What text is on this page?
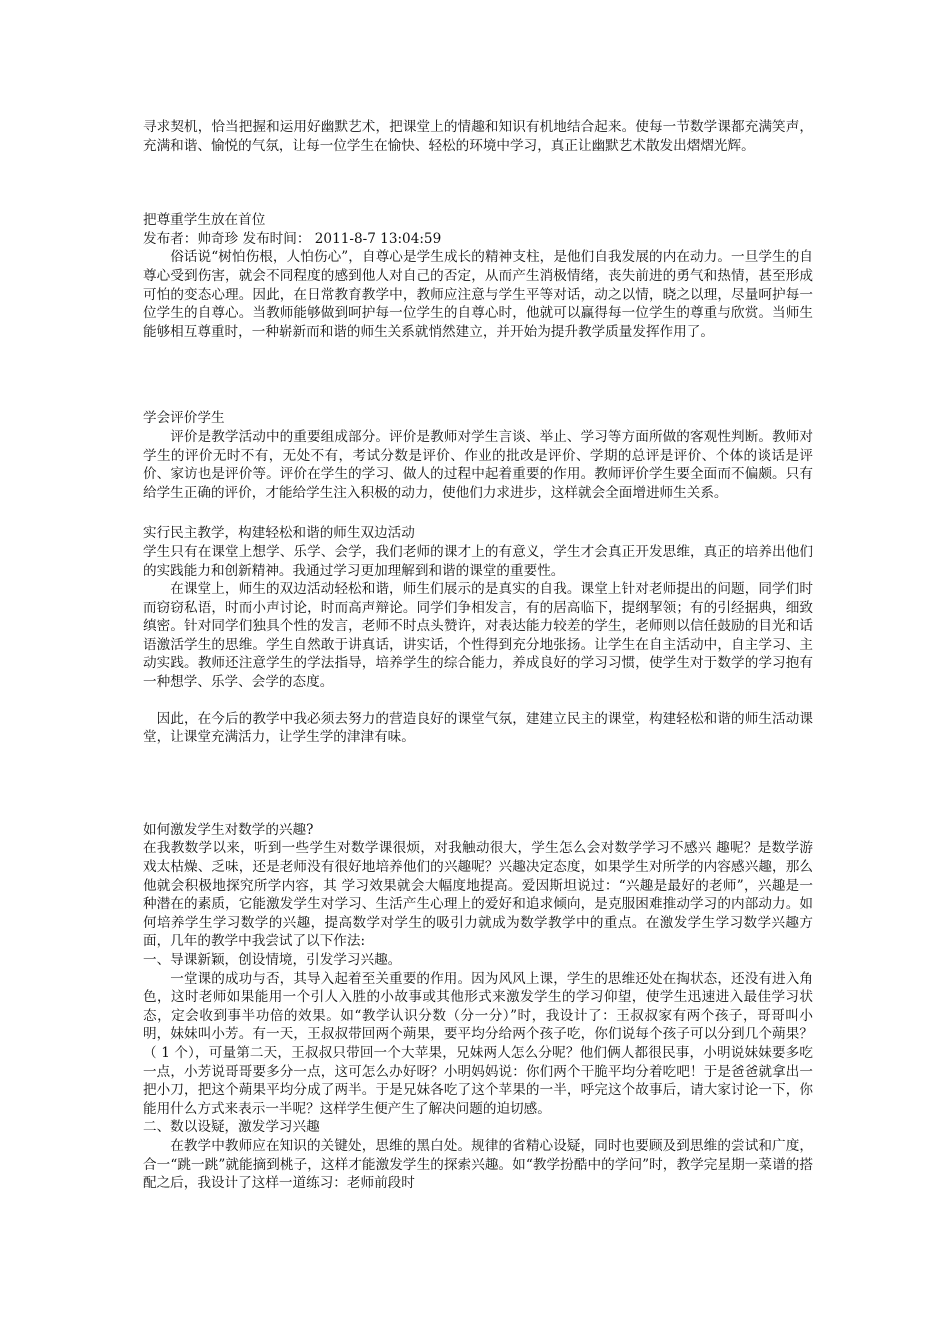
寻求契机，恰当把握和运用好幽默艺术，把课堂上的情趣和知识有机地结合起来。使每一节数学课都充满笑声，充满和谐、愉悦的气氛，让每一位学生在愉快、轻松的环境中学习，真正让幽默艺术散发出熠熠光辉。

把尊重学生放在首位

发布者：帅奇珍 发布时间： 2011-8-7 13:04:59

俗话说“树怕伤根，人怕伤心”，自尊心是学生成长的精神支柱，是他们自我发展的内在动力。一旦学生的自尊心受到伤害，就会不同程度的感到他人对自己的否定，从而产生消极情绪，丧失前进的勇气和热情，甚至形成可怕的变态心理。因此，在日常教育教学中，教师应注意与学生平等对话，动之以情，晓之以理，尽量呵护每一位学生的自尊心。当教师能够做到呵护每一位学生的自尊心时，他就可以赢得每一位学生的尊重与欣赏。当师生能够相互尊重时，一种崭新而和谐的师生关系就悄然建立，并开始为提升教学质量发挥作用了。

学会评价学生

评价是教学活动中的重要组成部分。评价是教师对学生言谈、举止、学习等方面所做的客观性判断。教师对学生的评价无时不有，无处不有，考试分数是评价、作业的批改是评价、学期的总评是评价、个体的谈话是评价、家访也是评价等。评价在学生的学习、做人的过程中起着重要的作用。教师评价学生要全面而不偏颇。只有给学生正确的评价，才能给学生注入积极的动力，使他们力求进步，这样就会全面增进师生关系。

实行民主教学，构建轻松和谐的师生双边活动

学生只有在课堂上想学、乐学、会学，我们老师的课才上的有意义，学生才会真正开发思维，真正的培养出他们的实践能力和创新精神。我通过学习更加理解到和谐的课堂的重要性。

在课堂上，师生的双边活动轻松和谐，师生们展示的是真实的自我。课堂上针对老师提出的问题，同学们时而窃窃私语，时而小声讨论，时而高声辩论。同学们争相发言，有的居高临下，提纲挈领；有的引经据典，细致缜密。针对同学们独具个性的发言，老师不时点头赞许，对表达能力较差的学生，老师则以信任鼓励的目光和话语激活学生的思维。学生自然敢于讲真话，讲实话，个性得到充分地张扬。让学生在自主活动中，自主学习、主动实践。教师还注意学生的学法指导，培养学生的综合能力，养成良好的学习习惯，使学生对于数学的学习抱有一种想学、乐学、会学的态度。

因此，在今后的教学中我必须去努力的营造良好的课堂气氛，建建立民主的课堂，构建轻松和谐的师生活动课堂，让课堂充满活力，让学生学的津津有味。

如何激发学生对数学的兴趣?

在我教数学以来，听到一些学生对数学课很烦，对我触动很大，学生怎么会对数学学习不感兴 趣呢？是数学游戏太枯燥、乏味，还是老师没有很好地培养他们的兴趣呢？兴趣决定态度，如果学生对所学的内容感兴趣，那么他就会积极地探究所学内容，其 学习效果就会大幅度地提高。爱因斯坦说过：“兴趣是最好的老师”，兴趣是一种潜在的素质，它能激发学生对学习、生活产生心理上的爱好和追求倾向，是克服困难推动学习的内部动力。如何培养学生学习数学的兴趣，提高数学对学生的吸引力就成为数学教学中的重点。在激发学生学习数学兴趣方面，几年的教学中我尝试了以下作法:

一、导课新颖，创设情境，引发学习兴趣。

一堂课的成功与否，其导入起着至关重要的作用。因为风风上课，学生的思维还处在掏状态，还没有进入角色，这时老师如果能用一个引人入胜的小故事或其他形式来激发学生的学习仰望，使学生迅速进入最佳学习状态，定会收到事半功倍的效果。如“教学认识分数（分一分）”时，我设计了：王叔叔家有两个孩子，哥哥叫小明，妹妹叫小芳。有一天，王叔叔带回两个蒴果，要平均分给两个孩子吃，你们说每个孩子可以分到几个蒴果？（ 1 个），可量第二天，王叔叔只带回一个大苹果，兄妹两人怎么分呢？他们俩人都很民事，小明说妹妹要多吃一点，小芳说哥哥要多分一点，这可怎么办好呀？小明妈妈说：你们两个干脆平均分着吃吧！于是爸爸就拿出一把小刀，把这个蒴果平均分成了两半。于是兄妹各吃了这个苹果的一半，呼完这个故事后，请大家讨论一下，你能用什么方式来表示一半呢？这样学生便产生了解决问题的迫切感。

二、数以设疑，激发学习兴趣

在教学中教师应在知识的关键处，思维的黑白处。规律的省精心设疑，同时也要顾及到思维的尝试和广度，合一“跳一跳”就能摘到桃子，这样才能激发学生的探索兴趣。如“教学扮酷中的学问”时，教学完星期一菜谱的搭配之后，我设计了这样一道练习：老师前段时
